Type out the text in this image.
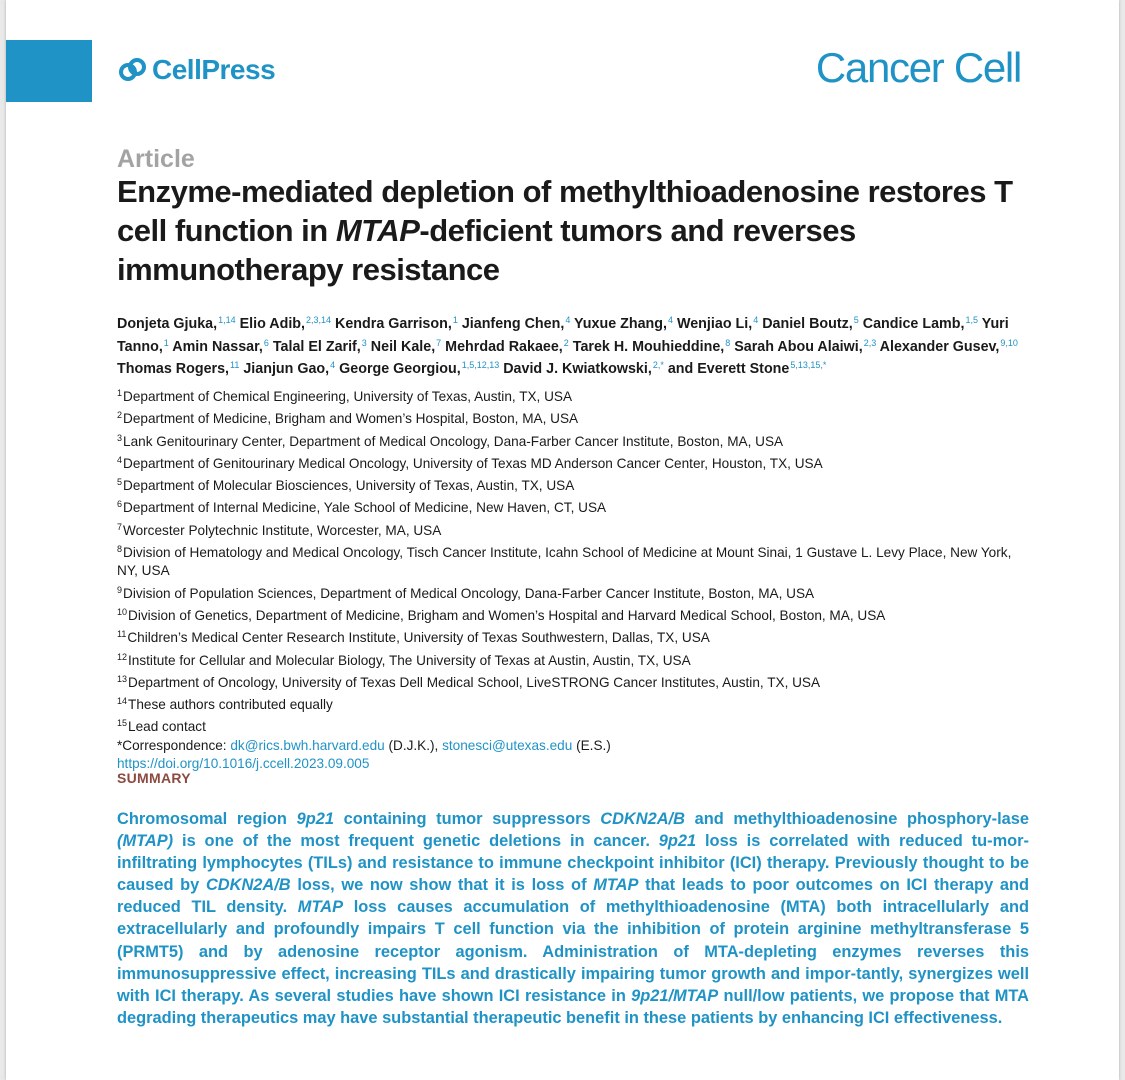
CellPress	Cancer Cell
Article
Enzyme-mediated depletion of methylthioadenosine restores T cell function in MTAP-deficient tumors and reverses immunotherapy resistance

Donjeta Gjuka,$^{1,14}$ Elio Adib,$^{2,3,14}$ Kendra Garrison,$^1$ Jianfeng Chen,$^4$ Yuxue Zhang,$^4$ Wenjiao Li,$^4$ Daniel Boutz,$^5$ Candice Lamb,$^{1,5}$ Yuri Tanno,$^1$ Amin Nassar,$^6$ Talal El Zarif,$^3$ Neil Kale,$^7$ Mehrdad Rakaee,$^2$ Tarek H. Mouhieddine,$^8$ Sarah Abou Alaiwi,$^{2,3}$ Alexander Gusev,$^{9,10}$ Thomas Rogers,$^{11}$ Jianjun Gao,$^4$ George Georgiou,$^{1,5,12,13}$ David J. Kwiatkowski,$^{2,*}$ and Everett Stone$^{5,13,15,*}$

$^1$Department of Chemical Engineering, University of Texas, Austin, TX, USA
$^2$Department of Medicine, Brigham and Women’s Hospital, Boston, MA, USA
$^3$Lank Genitourinary Center, Department of Medical Oncology, Dana-Farber Cancer Institute, Boston, MA, USA
$^4$Department of Genitourinary Medical Oncology, University of Texas MD Anderson Cancer Center, Houston, TX, USA
$^5$Department of Molecular Biosciences, University of Texas, Austin, TX, USA
$^6$Department of Internal Medicine, Yale School of Medicine, New Haven, CT, USA
$^7$Worcester Polytechnic Institute, Worcester, MA, USA
$^8$Division of Hematology and Medical Oncology, Tisch Cancer Institute, Icahn School of Medicine at Mount Sinai, 1 Gustave L. Levy Place, New York, NY, USA
$^9$Division of Population Sciences, Department of Medical Oncology, Dana-Farber Cancer Institute, Boston, MA, USA
$^{10}$Division of Genetics, Department of Medicine, Brigham and Women’s Hospital and Harvard Medical School, Boston, MA, USA
$^{11}$Children’s Medical Center Research Institute, University of Texas Southwestern, Dallas, TX, USA
$^{12}$Institute for Cellular and Molecular Biology, The University of Texas at Austin, Austin, TX, USA
$^{13}$Department of Oncology, University of Texas Dell Medical School, LiveSTRONG Cancer Institutes, Austin, TX, USA
$^{14}$These authors contributed equally
$^{15}$Lead contact
*Correspondence: dk@rics.bwh.harvard.edu (D.J.K.), stonesci@utexas.edu (E.S.)
https://doi.org/10.1016/j.ccell.2023.09.005
SUMMARY

Chromosomal region 9p21 containing tumor suppressors CDKN2A/B and methylthioadenosine phosphory-lase (MTAP) is one of the most frequent genetic deletions in cancer. 9p21 loss is correlated with reduced tu-mor-infiltrating lymphocytes (TILs) and resistance to immune checkpoint inhibitor (ICI) therapy. Previously thought to be caused by CDKN2A/B loss, we now show that it is loss of MTAP that leads to poor outcomes on ICI therapy and reduced TIL density. MTAP loss causes accumulation of methylthioadenosine (MTA) both intracellularly and extracellularly and profoundly impairs T cell function via the inhibition of protein arginine methyltransferase 5 (PRMT5) and by adenosine receptor agonism. Administration of MTA-depleting enzymes reverses this immunosuppressive effect, increasing TILs and drastically impairing tumor growth and impor-tantly, synergizes well with ICI therapy. As several studies have shown ICI resistance in 9p21/MTAP null/low patients, we propose that MTA degrading therapeutics may have substantial therapeutic benefit in these patients by enhancing ICI effectiveness.
